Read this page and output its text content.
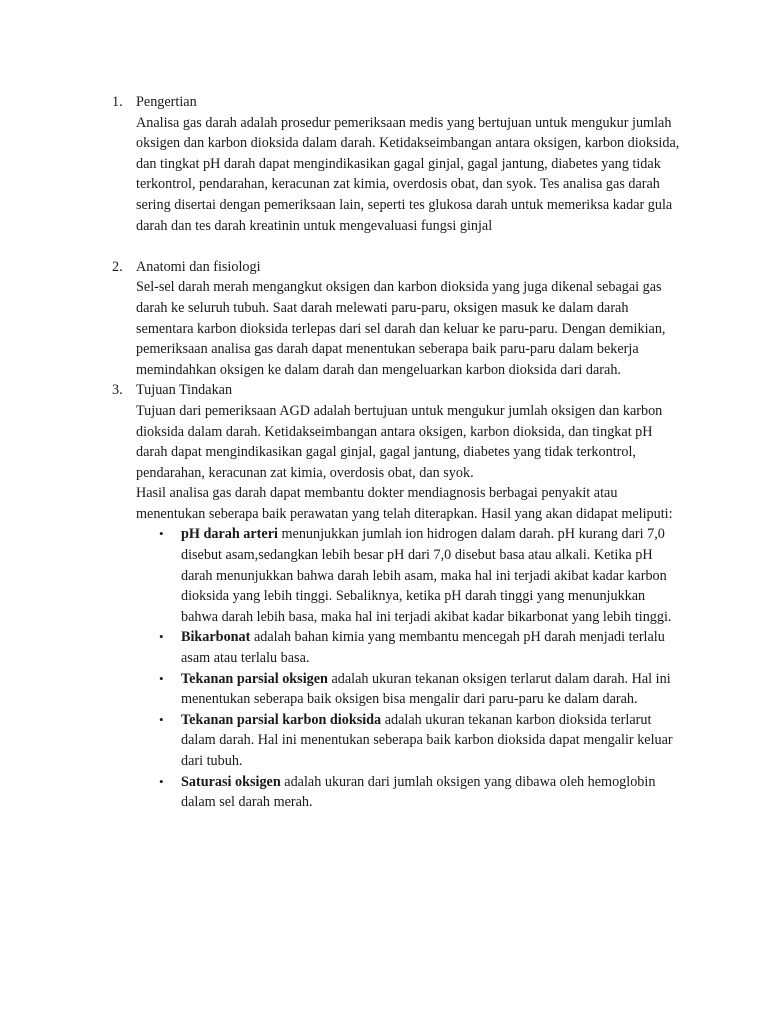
1. Pengertian

Analisa gas darah adalah prosedur pemeriksaan medis yang bertujuan untuk mengukur jumlah oksigen dan karbon dioksida dalam darah. Ketidakseimbangan antara oksigen, karbon dioksida, dan tingkat pH darah dapat mengindikasikan gagal ginjal, gagal jantung, diabetes yang tidak terkontrol, pendarahan, keracunan zat kimia, overdosis obat, dan syok. Tes analisa gas darah sering disertai dengan pemeriksaan lain, seperti tes glukosa darah untuk memeriksa kadar gula darah dan tes darah kreatinin untuk mengevaluasi fungsi ginjal

2. Anatomi dan fisiologi

Sel-sel darah merah mengangkut oksigen dan karbon dioksida yang juga dikenal sebagai gas darah ke seluruh tubuh. Saat darah melewati paru-paru, oksigen masuk ke dalam darah sementara karbon dioksida terlepas dari sel darah dan keluar ke paru-paru. Dengan demikian, pemeriksaan analisa gas darah dapat menentukan seberapa baik paru-paru dalam bekerja memindahkan oksigen ke dalam darah dan mengeluarkan karbon dioksida dari darah.

3. Tujuan Tindakan

Tujuan dari pemeriksaan AGD adalah bertujuan untuk mengukur jumlah oksigen dan karbon dioksida dalam darah. Ketidakseimbangan antara oksigen, karbon dioksida, dan tingkat pH darah dapat mengindikasikan gagal ginjal, gagal jantung, diabetes yang tidak terkontrol, pendarahan, keracunan zat kimia, overdosis obat, dan syok.

Hasil analisa gas darah dapat membantu dokter mendiagnosis berbagai penyakit atau menentukan seberapa baik perawatan yang telah diterapkan. Hasil yang akan didapat meliputi:

• pH darah arteri menunjukkan jumlah ion hidrogen dalam darah. pH kurang dari 7,0 disebut asam,sedangkan lebih besar pH dari 7,0 disebut basa atau alkali. Ketika pH darah menunjukkan bahwa darah lebih asam, maka hal ini terjadi akibat kadar karbon dioksida yang lebih tinggi. Sebaliknya, ketika pH darah tinggi yang menunjukkan bahwa darah lebih basa, maka hal ini terjadi akibat kadar bikarbonat yang lebih tinggi.
• Bikarbonat adalah bahan kimia yang membantu mencegah pH darah menjadi terlalu asam atau terlalu basa.
• Tekanan parsial oksigen adalah ukuran tekanan oksigen terlarut dalam darah. Hal ini menentukan seberapa baik oksigen bisa mengalir dari paru-paru ke dalam darah.
• Tekanan parsial karbon dioksida adalah ukuran tekanan karbon dioksida terlarut dalam darah. Hal ini menentukan seberapa baik karbon dioksida dapat mengalir keluar dari tubuh.
• Saturasi oksigen adalah ukuran dari jumlah oksigen yang dibawa oleh hemoglobin dalam sel darah merah.
